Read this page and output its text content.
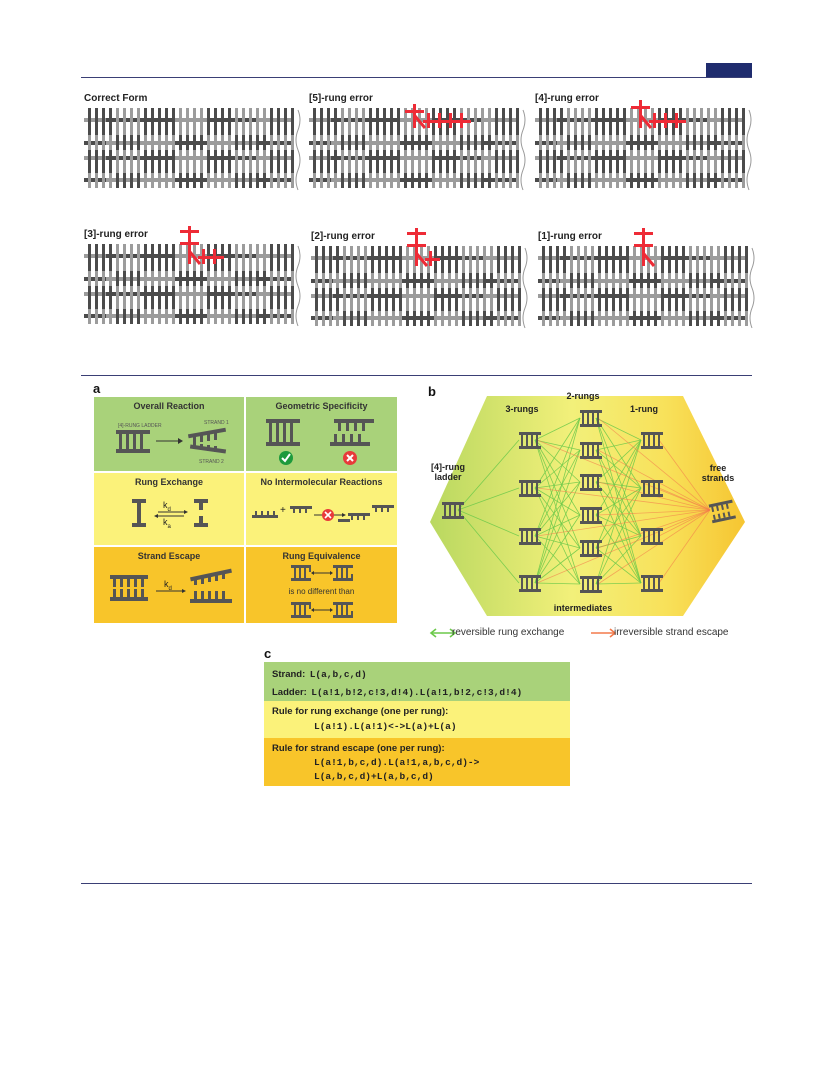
a
Overall Reaction
[4]-RUNG LADDER	STRAND 1
STRAND 2
Geometric Specificity
Rung Exchange
$k_d$
$k_a$
No Intermolecular Reactions
+
Strand Escape
$k_d$
Rung Equivalence
is no different than
b
[4]-rung
ladder
3-rungs
2-rungs
1-rung
free
strands
intermediates
reversible rung exchange	irreversible strand escape
c
Strand: L(a,b,c,d)
Ladder: L(a!1,b!2,c!3,d!4).L(a!1,b!2,c!3,d!4)
Rule for rung exchange (one per rung):
L(a!1).L(a!1)<->L(a)+L(a)
Rule for strand escape (one per rung):
L(a!1,b,c,d).L(a!1,a,b,c,d)->
L(a,b,c,d)+L(a,b,c,d)
Correct Form	[5]-rung error	[4]-rung error
[3]-rung error	[2]-rung error	[1]-rung error
